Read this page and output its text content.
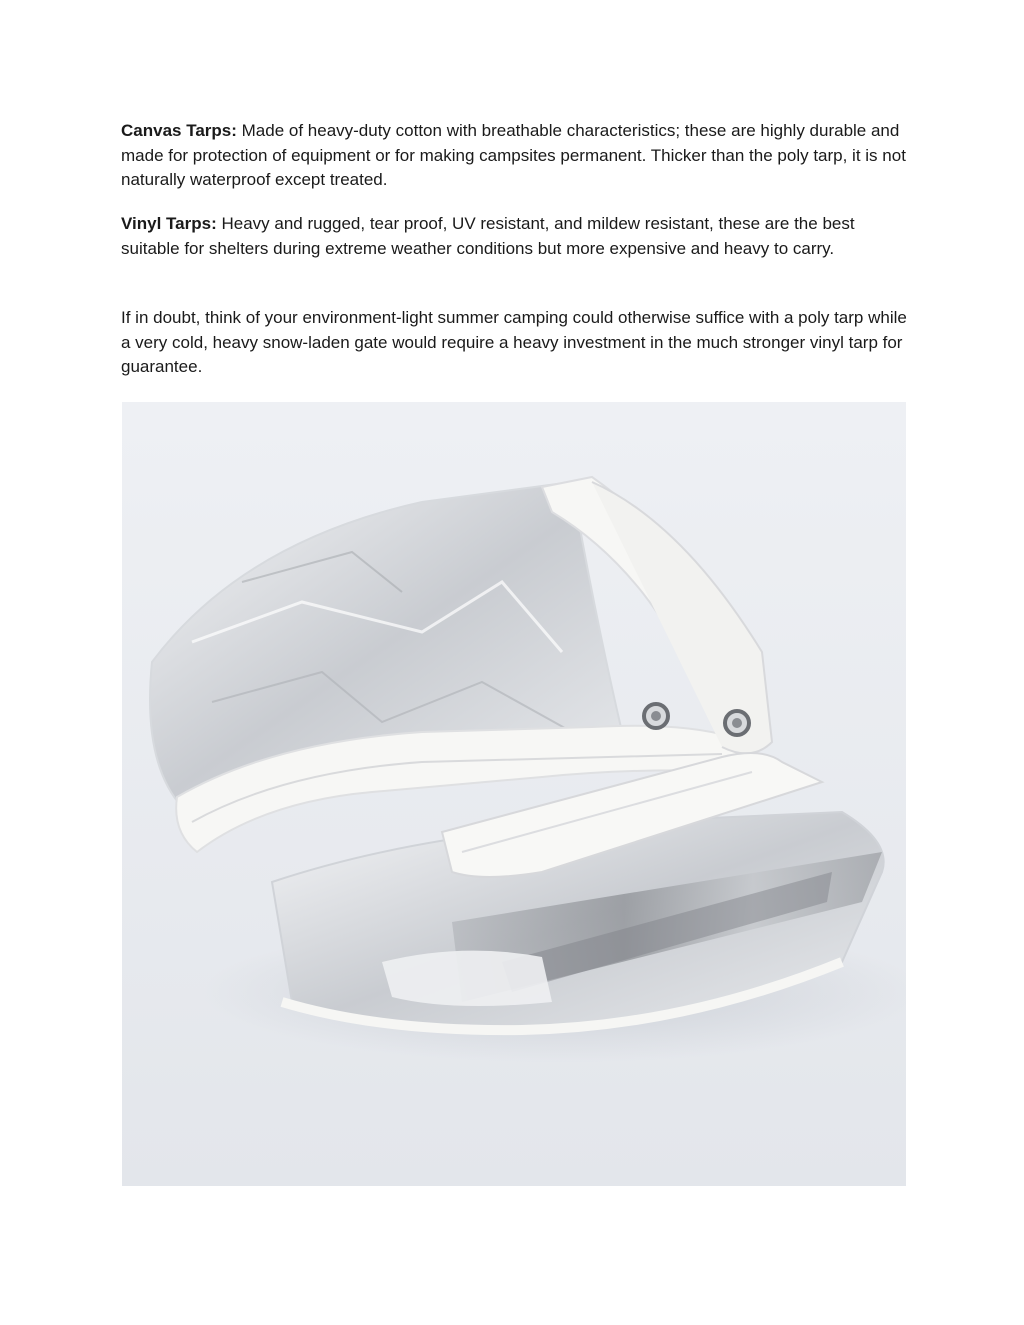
Canvas Tarps: Made of heavy-duty cotton with breathable characteristics; these are highly durable and made for protection of equipment or for making campsites permanent. Thicker than the poly tarp, it is not naturally waterproof except treated.

Vinyl Tarps: Heavy and rugged, tear proof, UV resistant, and mildew resistant, these are the best suitable for shelters during extreme weather conditions but more expensive and heavy to carry.

If in doubt, think of your environment-light summer camping could otherwise suffice with a poly tarp while a very cold, heavy snow-laden gate would require a heavy investment in the much stronger vinyl tarp for guarantee.
